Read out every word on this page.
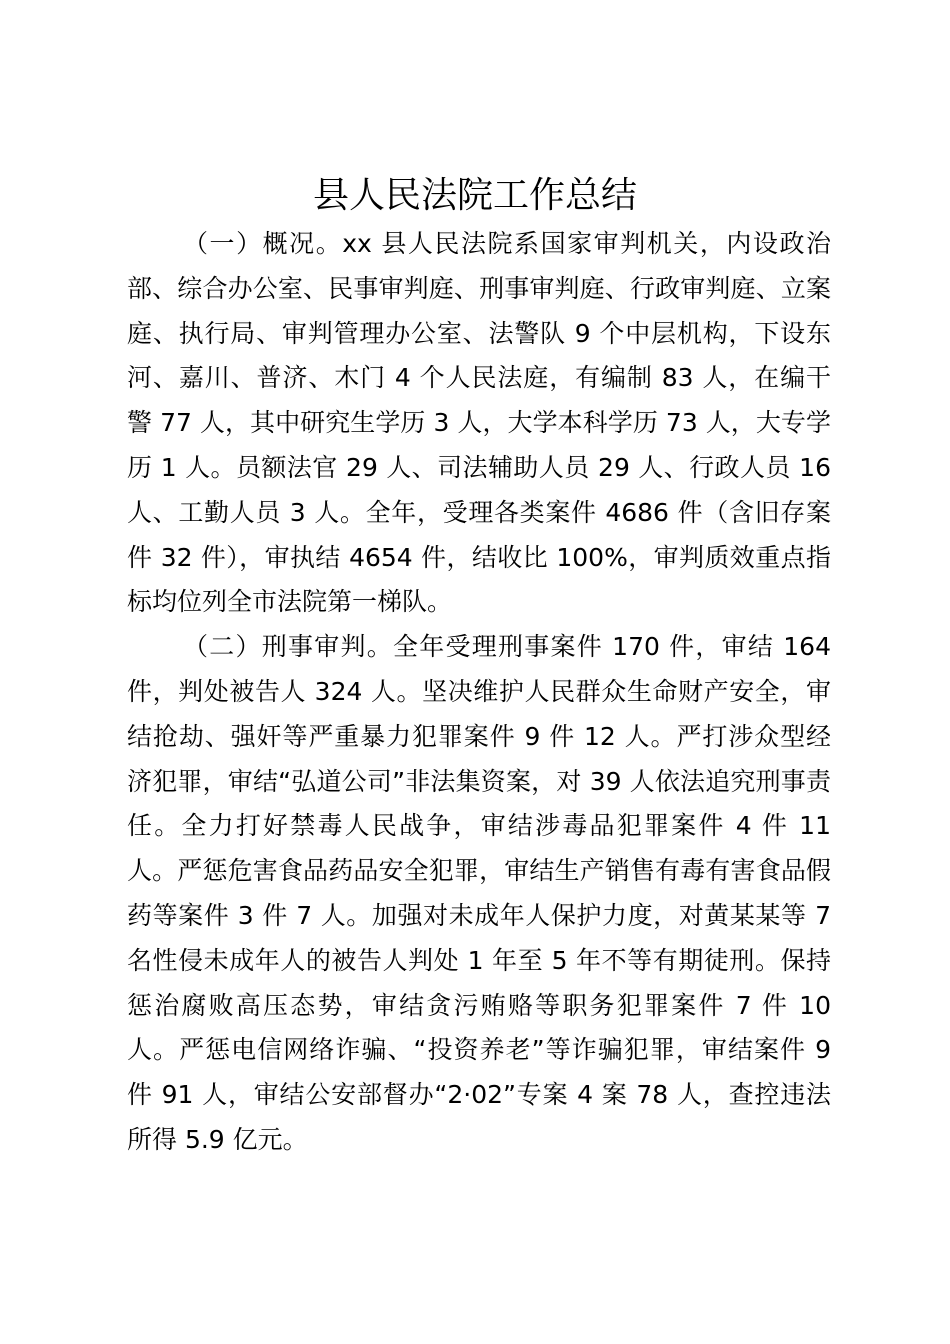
县人民法院工作总结

（一）概况。xx 县人民法院系国家审判机关，内设政治部、综合办公室、民事审判庭、刑事审判庭、行政审判庭、立案庭、执行局、审判管理办公室、法警队 9 个中层机构，下设东河、嘉川、普济、木门 4 个人民法庭，有编制 83 人，在编干警 77 人，其中研究生学历 3 人，大学本科学历 73 人，大专学历 1 人。员额法官 29 人、司法辅助人员 29 人、行政人员 16 人、工勤人员 3 人。全年，受理各类案件 4686 件（含旧存案件 32 件），审执结 4654 件，结收比 100%，审判质效重点指标均位列全市法院第一梯队。

（二）刑事审判。全年受理刑事案件 170 件，审结 164 件，判处被告人 324 人。坚决维护人民群众生命财产安全，审结抢劫、强奸等严重暴力犯罪案件 9 件 12 人。严打涉众型经济犯罪，审结“弘道公司”非法集资案，对 39 人依法追究刑事责任。全力打好禁毒人民战争，审结涉毒品犯罪案件 4 件 11 人。严惩危害食品药品安全犯罪，审结生产销售有毒有害食品假药等案件 3 件 7 人。加强对未成年人保护力度，对黄某某等 7 名性侵未成年人的被告人判处 1 年至 5 年不等有期徒刑。保持惩治腐败高压态势，审结贪污贿赂等职务犯罪案件 7 件 10 人。严惩电信网络诈骗、“投资养老”等诈骗犯罪，审结案件 9 件 91 人，审结公安部督办“2·02”专案 4 案 78 人，查控违法所得 5.9 亿元。
